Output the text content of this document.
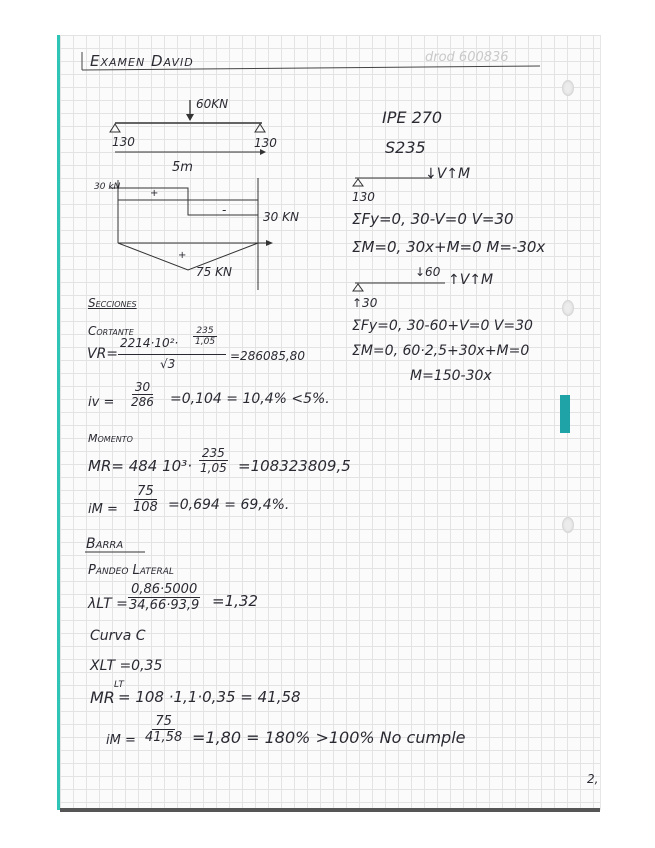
Examen David	drod 600836
60KN
130	130
5m
30 kN
+
-	30 KN
+
75 KN
IPE 270
S235
↓V↑M
130
ΣFy=0, 30-V=0 V=30
ΣM=0, 30x+M=0 M=-30x
↓60 ↑V↑M
↑30
ΣFy=0, 30-60+V=0 V=30
ΣM=0, 60·2,5+30x+M=0
M=150-30x
Secciones
Cortante
VR=
$2214\cdot 10^2\cdot \frac{235}{1,05}$
√3
=286085,80
iv = $\frac{30}{286} =0,104 = 10,4\% <5\%$.
Momento
MR= 484 $10^3\cdot \frac{235}{1,05} =108323809,5$
iM = $\frac{75}{108} =0,694 = 69,4\%$.
Barra
Pandeo Lateral
λLT =
$\frac{0,86\cdot 5000}{34,66\cdot 93,9} =1,32$
Curva C
XLT =0,35
MR
LT
= 108 ·1,1·0,35 = 41,58
iM = $\frac{75}{41,58} =1,80 = 180\% >100\%$ No cumple
2,
